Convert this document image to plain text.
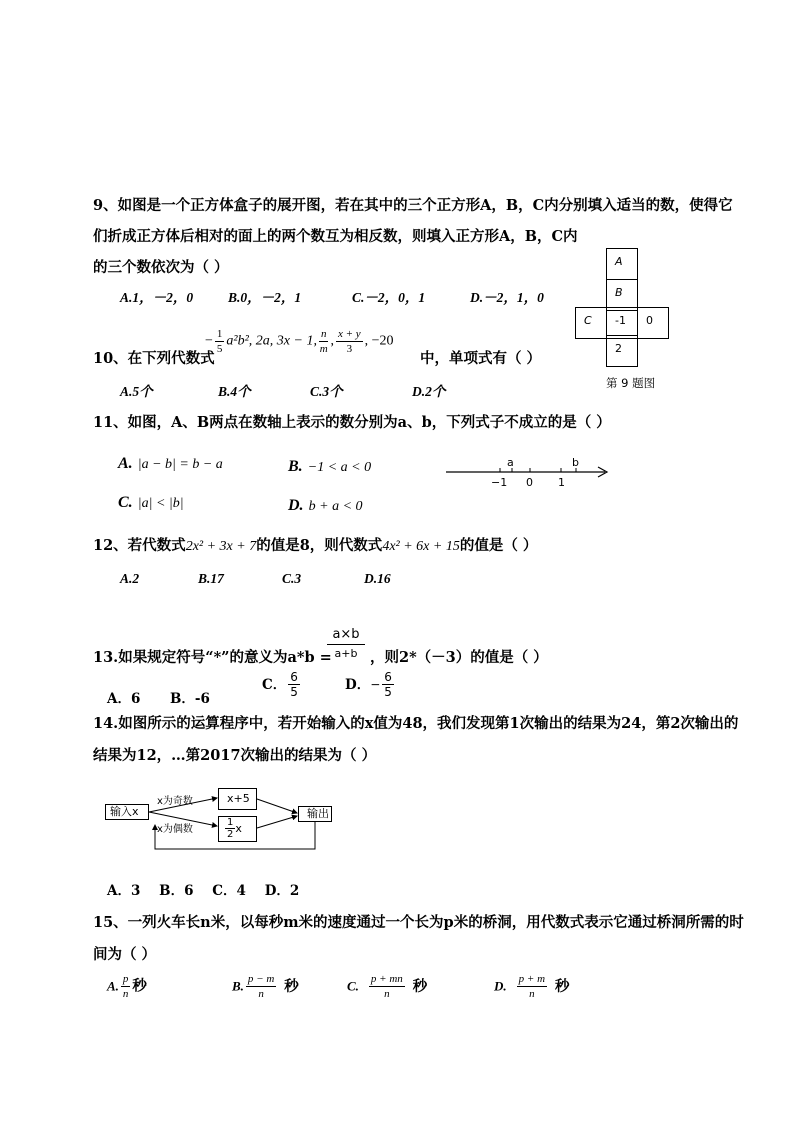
9、如图是一个正方体盒子的展开图，若在其中的三个正方形A，B，C内分别填入适当的数，使得它
们折成正方体后相对的面上的两个数互为相反数，则填入正方形A，B，C内
的三个数依次为（ ）
A.1，－2，0	B.0，－2，1	C.－2，0，1	D.－2，1，0
A
B
C	-1	0
2
第 9 题图
10、在下列代数式
− $\frac{1}{5} a^2b^2$, 2a, 3x − 1, $\frac{n}{m}$ , $\frac{x + y}{3}$ , −20
中，单项式有（ ）
A.5个	B.4个	C.3个	D.2个
11、如图，A、B两点在数轴上表示的数分别为a、b，下列式子不成立的是（ ）
A. |a − b| = b − a	B. −1 < a < 0
C. |a| < |b|	D. b + a < 0
a	b
−1 0 1
12、若代数式2x² + 3x + 7的值是8，则代数式4x² + 6x + 15的值是（ ）
A.2	B.17	C.3	D.16
13.如果规定符号“*”的意义为a*b =
a×b
a+b ，则2*（－3）的值是（ ）
A．6 B．-6
C． $\frac{6}{5}$	D．− $\frac{6}{5}$
14.如图所示的运算程序中，若开始输入的x值为48，我们发现第1次输出的结果为24，第2次输出的
结果为12，…第2017次输出的结果为（ ）
输入x
x+5
$\frac{1}{2}$ x
输出
x为奇数
x为偶数
A．3    B．6    C．4    D．2
15、一列火车长n米，以每秒m米的速度通过一个长为p米的桥洞，用代数式表示它通过桥洞所需的时
间为（ ）
A. $\frac{p}{n}$ 秒	B. $\frac{p - m}{n}$ 秒	C. $\frac{p + mn}{n}$ 秒	D. $\frac{p + m}{n}$ 秒
